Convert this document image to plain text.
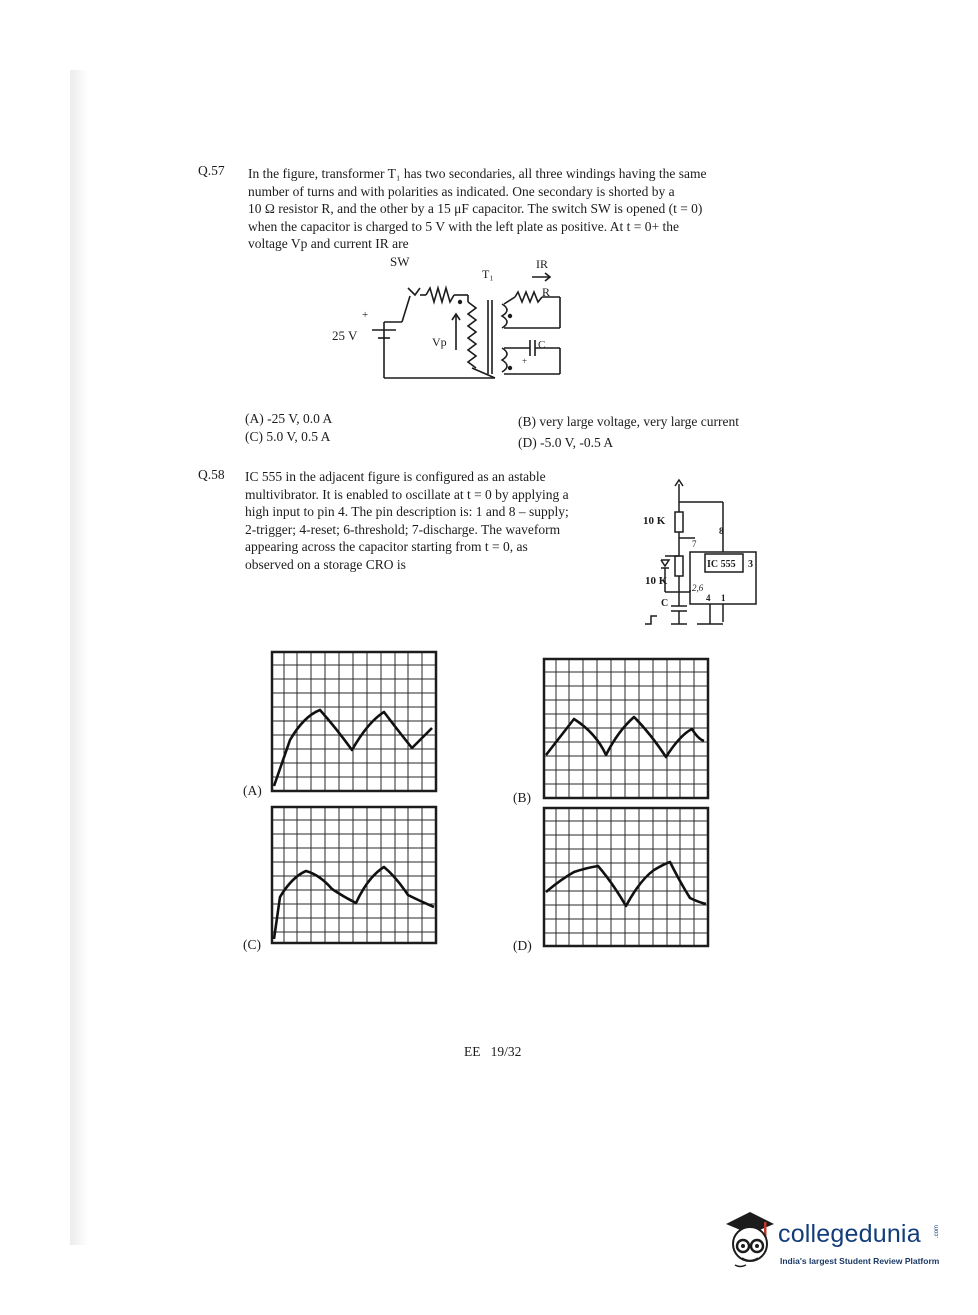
Q.57 In the figure, transformer T₁ has two secondaries, all three windings having the same
number of turns and with polarities as indicated. One secondary is shorted by a
10 Ω resistor R, and the other by a 15 μF capacitor. The switch SW is opened (t = 0)
when the capacitor is charged to 5 V with the left plate as positive. At t = 0+ the
voltage Vp and current IR are
SW
T₁
IR
R
+
25 V	Vp	C
+
(A) -25 V, 0.0 A	(B) very large voltage, very large current
(C) 5.0 V, 0.5 A	(D) -5.0 V, -0.5 A
Q.58 IC 555 in the adjacent figure is configured as an astable
multivibrator. It is enabled to oscillate at t = 0 by applying a
high input to pin 4. The pin description is: 1 and 8 – supply;
2-trigger; 4-reset; 6-threshold; 7-discharge. The waveform
appearing across the capacitor starting from t = 0, as
observed on a storage CRO is
10 K
10 K
IC 555
8
7
3
2,6
4 1
C
(A)	(B)
(C)	(D)
EE   19/32
collegedunia .com
India's largest Student Review Platform
